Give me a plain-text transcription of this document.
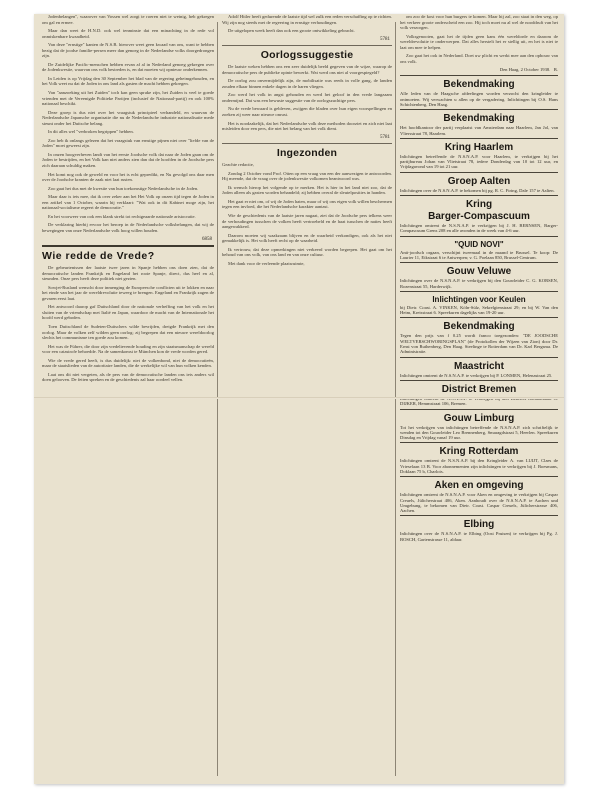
Jodenbelangen", waarover van Vossen wel zorgt te roeren niet te weinig, heb gekregen om gal en ermee.

Maar dan weet de H.N.D. ook wel tenminste dat een minachting in de rede vol onmiskenbare kwaadheid.

Van deze "ernstige" kanten de N.S.B. hierover weet geen kwaad van ons, want te hebben bezig dat de joodse familie-persen meer dan genoeg in de Nederlandse volks doorgedrongen zijn.

De Zuidelijke Pacific-menschen hebben ervan af al in Nederland genoeg gekregen over de Jodenkwestie, waarvan ons volk bestreden is, en dat moeten wij opnieuw onderkennen.

In Leiden is op Vrijdag den 30 September het blad van de regering geheimgehouden, en het Volk weet nu dat de Joden in ons land als gasten de macht hebben gekregen.

Van "aanzoeking uit het Zuiden" toch kan geen sprake zijn, het Zuiden is veel te goede vrienden met de Vereenigde Politieke Partijen (inclusief de Nationaal-partij) en ook 100% nationaal beschikt.

Deze groep is dus niet over het vraagstuk principieel verhandeld, en waarvan de Nederlandsche Japansche organisatie die nu de Nederlandsche industrie nationalisatie mede steunt onder het Duitsche belang.

In dit alles wel "verbroken begrippen" hebben.

Zoo heb ik onlangs gelezen dat het vraagstuk van ernstige pijnen niet over "liefde van de Joden" moet geweest zijn.

In onzen hoogverheven landt van het eerste Joodsche volk dat naar de Joden gaan om de Joden te bestrijden, en het Volk kan niet anders zien dan dat de hoofden in de Joodsche pers zich daaraan schuldig maken.

Het komt nog ook de geweld en voor het is echt gepredikt, en Nu gevolgd ons daar men over de Joodsche kranten de zaak niet laat rusten.

Zoo gaat het dus met de kwestie van hun toekomstige Nederlandsche in de Joden.

Maar daar is iets mee, dat ik over zeker aan het Het Volk op onzen tijd tegen de Joden in een artikel van 1 October, waarin hij verklaart: "Wat ook in dit Kabinet moge zijn, het nationaal-socialisme regeert de democratie."

En het voorweer van ook een klank strekt tot rechtgeaarde nationale aristocratie.

De verklaring hierbij ervoor het beroep in de Nederlandsche volksbelangen, dat wij de bewegingen van onze Nederlandsche volk hoog willen houden.

6858
Wie redde de Vrede?

De gebeurtenissen der laatste twee jaren in Spanje hebben ons doen zien, dat de democratische landen Frankrijk en Engeland het rooie Spanje, direct, dus heel en al, steunden. Onze pers heeft deze politiek niet gezien.

Sowjet-Rusland wenscht door inmenging de Europeesche conflicten uit te lokken en naar het einde van het jaar de wereldrevolutie teweeg te brengen. Engeland en Frankrijk zagen de gevaren eerst laat.

Het antwoord daarop gaf Duitschland door de nationale verheffing van het volk en het sluiten van de vriendschap met Italië en Japan, waardoor de macht van de Internationale het hoofd werd geboden.

Toen Duitschland de Sudeten-Duitschers wilde bevrijden, dreigde Frankrijk met den oorlog. Maar de volken zelf wilden geen oorlog; zij begrepen dat een nieuwe wereldoorlog slechts het communisme ten goede zou komen.

Het was de Führer, die door zijn vredelievende houding en zijn staatsmanschap de wereld voor een catastrofe behoedde. Na de samenkomst te München kon de vrede worden gered.

Wie de vrede gered heeft, is dus duidelijk: niet de volkenbond, niet de democratieën, maar de staatslieden van de autoritaire landen, die de werkelijke wil van hun volken kenden.

Laat ons dit niet vergeten, als de pers van de democratische landen ons iets anders wil doen gelooven. De feiten spreken en de geschiedenis zal haar oordeel vellen.

Adolf Hitler heeft gedurende de laatste tijd wel zulk een reden verschaffing op te richten. Wij zijn nog steeds met de regeering in ernstige verhoudingen.

De uitgelopen week heeft dan ook een groote ontwikkeling gebracht.

5781
Oorlogssuggestie

De laatste weken hebben ons een zeer duidelijk beeld gegeven van de wijze, waarop de democratische pers de publieke opinie bewerkt. Wat werd ons niet al voorgespiegeld?

De oorlog zou onvermijdelijk zijn, de mobilisatie was reeds in volle gang, de landen zouden elkaar binnen enkele dagen in de haren vliegen.

Zoo werd het volk in angst gehouden en werd het geloof in den vrede langzaam ondermijnd. Dat was een bewuste suggestie van de oorlogszuchtige pers.

Nu de vrede bewaard is gebleven, zwijgen die bladen over hun eigen voorspellingen en zoeken zij weer naar nieuwe onrust.

Het is noodzakelijk, dat het Nederlandsche volk deze methoden doorziet en zich niet laat misleiden door een pers, die niet het belang van het volk dient.

5781
Ingezonden

Geachte redactie,

Zondag 2 October vond Prof. Otten op een vraag van een der aanwezigen te antwoorden. Hij meende, dat de vraag over de jodenkwestie volkomen beantwoord was.

Ik wensch hierop het volgende op te merken. Het is hier in het land niet zoo, dat de Joden alleen als gasten worden behandeld; zij hebben overal de sleutelposities in handen.

Het gaat er niet om, of wij de Joden haten, maar of wij ons eigen volk willen beschermen tegen een invloed, die het Nederlandsche karakter aantast.

Wie de geschiedenis van de laatste jaren nagaat, ziet dat de Joodsche pers telkens weer de verhoudingen tusschen de volken heeft vertroebeld en de haat tusschen de naties heeft aangewakkerd.

Daarom moeten wij waakzaam blijven en de waarheid verkondigen, ook als het niet gemakkelijk is. Het volk heeft recht op de waarheid.

Ik vertrouw, dat deze opmerkingen niet verkeerd worden begrepen. Het gaat om het behoud van ons volk, van ons land en van onze cultuur.

Met dank voor de verleende plaatsruimte,

om zoo de kost voor hun burgers te komen. Maar hij zal, zoo staat in den weg, op het verkeer groote onderscheid een zoo. Hij toch moet nu al wel de nooddruft van het volk verzorgen.

Volksgenooten, gaat het de tijden geen kans één wereldorde en daarom de wereldrevolutie te onderwerpen. Dat alles herstelt het er stellig uit, en het is niet te laat om mee te helpen.

Zoo gaat het ook in Nederland. Doet uw plicht en werkt mee aan den opbouw van ons volk.

Den Haag, 2 October 1938. B.

Bekendmaking

Alle leden van de Haagsche afdeelingen worden verzocht den kringleider te ontmoeten. Wij verwachten u allen op de vergadering. Inlichtingen bij O.S. Hans Schichtenberg, Den Haag.

Bekendmaking

Het hoofdkantoor der partij verplaatst van Amsterdam naar Haarlem, Jan Jol, van Vliersstraat 78, Haarlem.

Kring Haarlem

Inlichtingen betreffende de N.S.N.A.P. voor Haarlem, te verkrijgen bij het partijbureau Johan van Vlietstraat 78, iedere Donderdag van 10 tot 12 uur, en Vrijdagavond van 19 tot 21 uur.

Groep Aalten

Inlichtingen over de N.S.N.A.P. te bekomen bij pg. R. C. Firing, Dale 157 te Aalten.

Kring
Barger-Compascuum

Inlichtingen omtrent de N.S.N.A.P. te verkrijgen bij J. H. BERNSEN, Barger-Compascuum Grens 208 en alle avonden in de week van 4-6 uur.

"QUID NOVI"

Anti-joodsch orgaan, verschijnt tweemaal in de maand te Brussel. Te koop: De Laurier 11, Eikstraat 6 te Antwerpen; v. G. Poelaan 850, Brussel-Centrum.

Gouw Veluwe

Inlichtingen over de N.S.N.A.P. te verkrijgen bij den Gouwleider C. G. KORSEN, Rozenstraat 55, Harderwijk.

Inlichtingen voor Keulen

bij Dietr. Coast. A. VINKEN, Köln-Sülz, Sekrelgienstraat 29; en bij W. Van den Heim, Kreisstraat 6. Spreekuren dagelijks van 19-20 uur.

Bekendmaking

Tegen den prijs van f 0.25 wordt franco toegezonden: "DE JOODSCHE WELTVERSCHWORINGSPLAN" (de Protokollen der Wijzen van Zion) door Dr. Ernst von Ruthenberg, Den Haag. Steelinge te Rotterdam van Dr. Karl Bergsma. De Administratie.

Maastricht

Inlichtingen omtrent de N.S.N.A.P. te verkrijgen bij P. LONMEN, Helenastraat 25.

District Bremen

DIJKER, Hemmstraat 106, Bremen.

Gouw Limburg

Tot het verkrijgen van inlichtingen betreffende de N.S.N.A.P. zich schriftelijk te wenden tot den Gouwleider Leo Brennenberg, Smaragdstraat 5, Heerlen. Spreekuren Dinsdag en Vrijdag vanaf 19 uur.

Kring Rotterdam

Inlichtingen omtrent de N.S.N.A.P. bij den Kringleider A. van LUIJT, Claes de Vrieselaan 13 B. Voor abonnementen zijn inlichtingen te verkrijgen bij J. Boesmans, Doklaan 75 b, Charlois.

Aken en omgeving

Inlichtingen omtrent de N.S.N.A.P. voor Aken en omgeving te verkrijgen bij Caspar Creuels, Jülicherstraat 406, Aken. Aanhoudt over de N.S.N.A.P. te Aachen und Umgebung, te bekomen van Dietr. Coast. Caspar Creuels, Jülicherstrasse 406, Aachen.

Elbing

Inlichtingen over de N.S.N.A.P. te Elbing (Oost Pruisen) te verkrijgen bij Pg. J. BOSCH, Gartenstrasse 11, aldaar.
